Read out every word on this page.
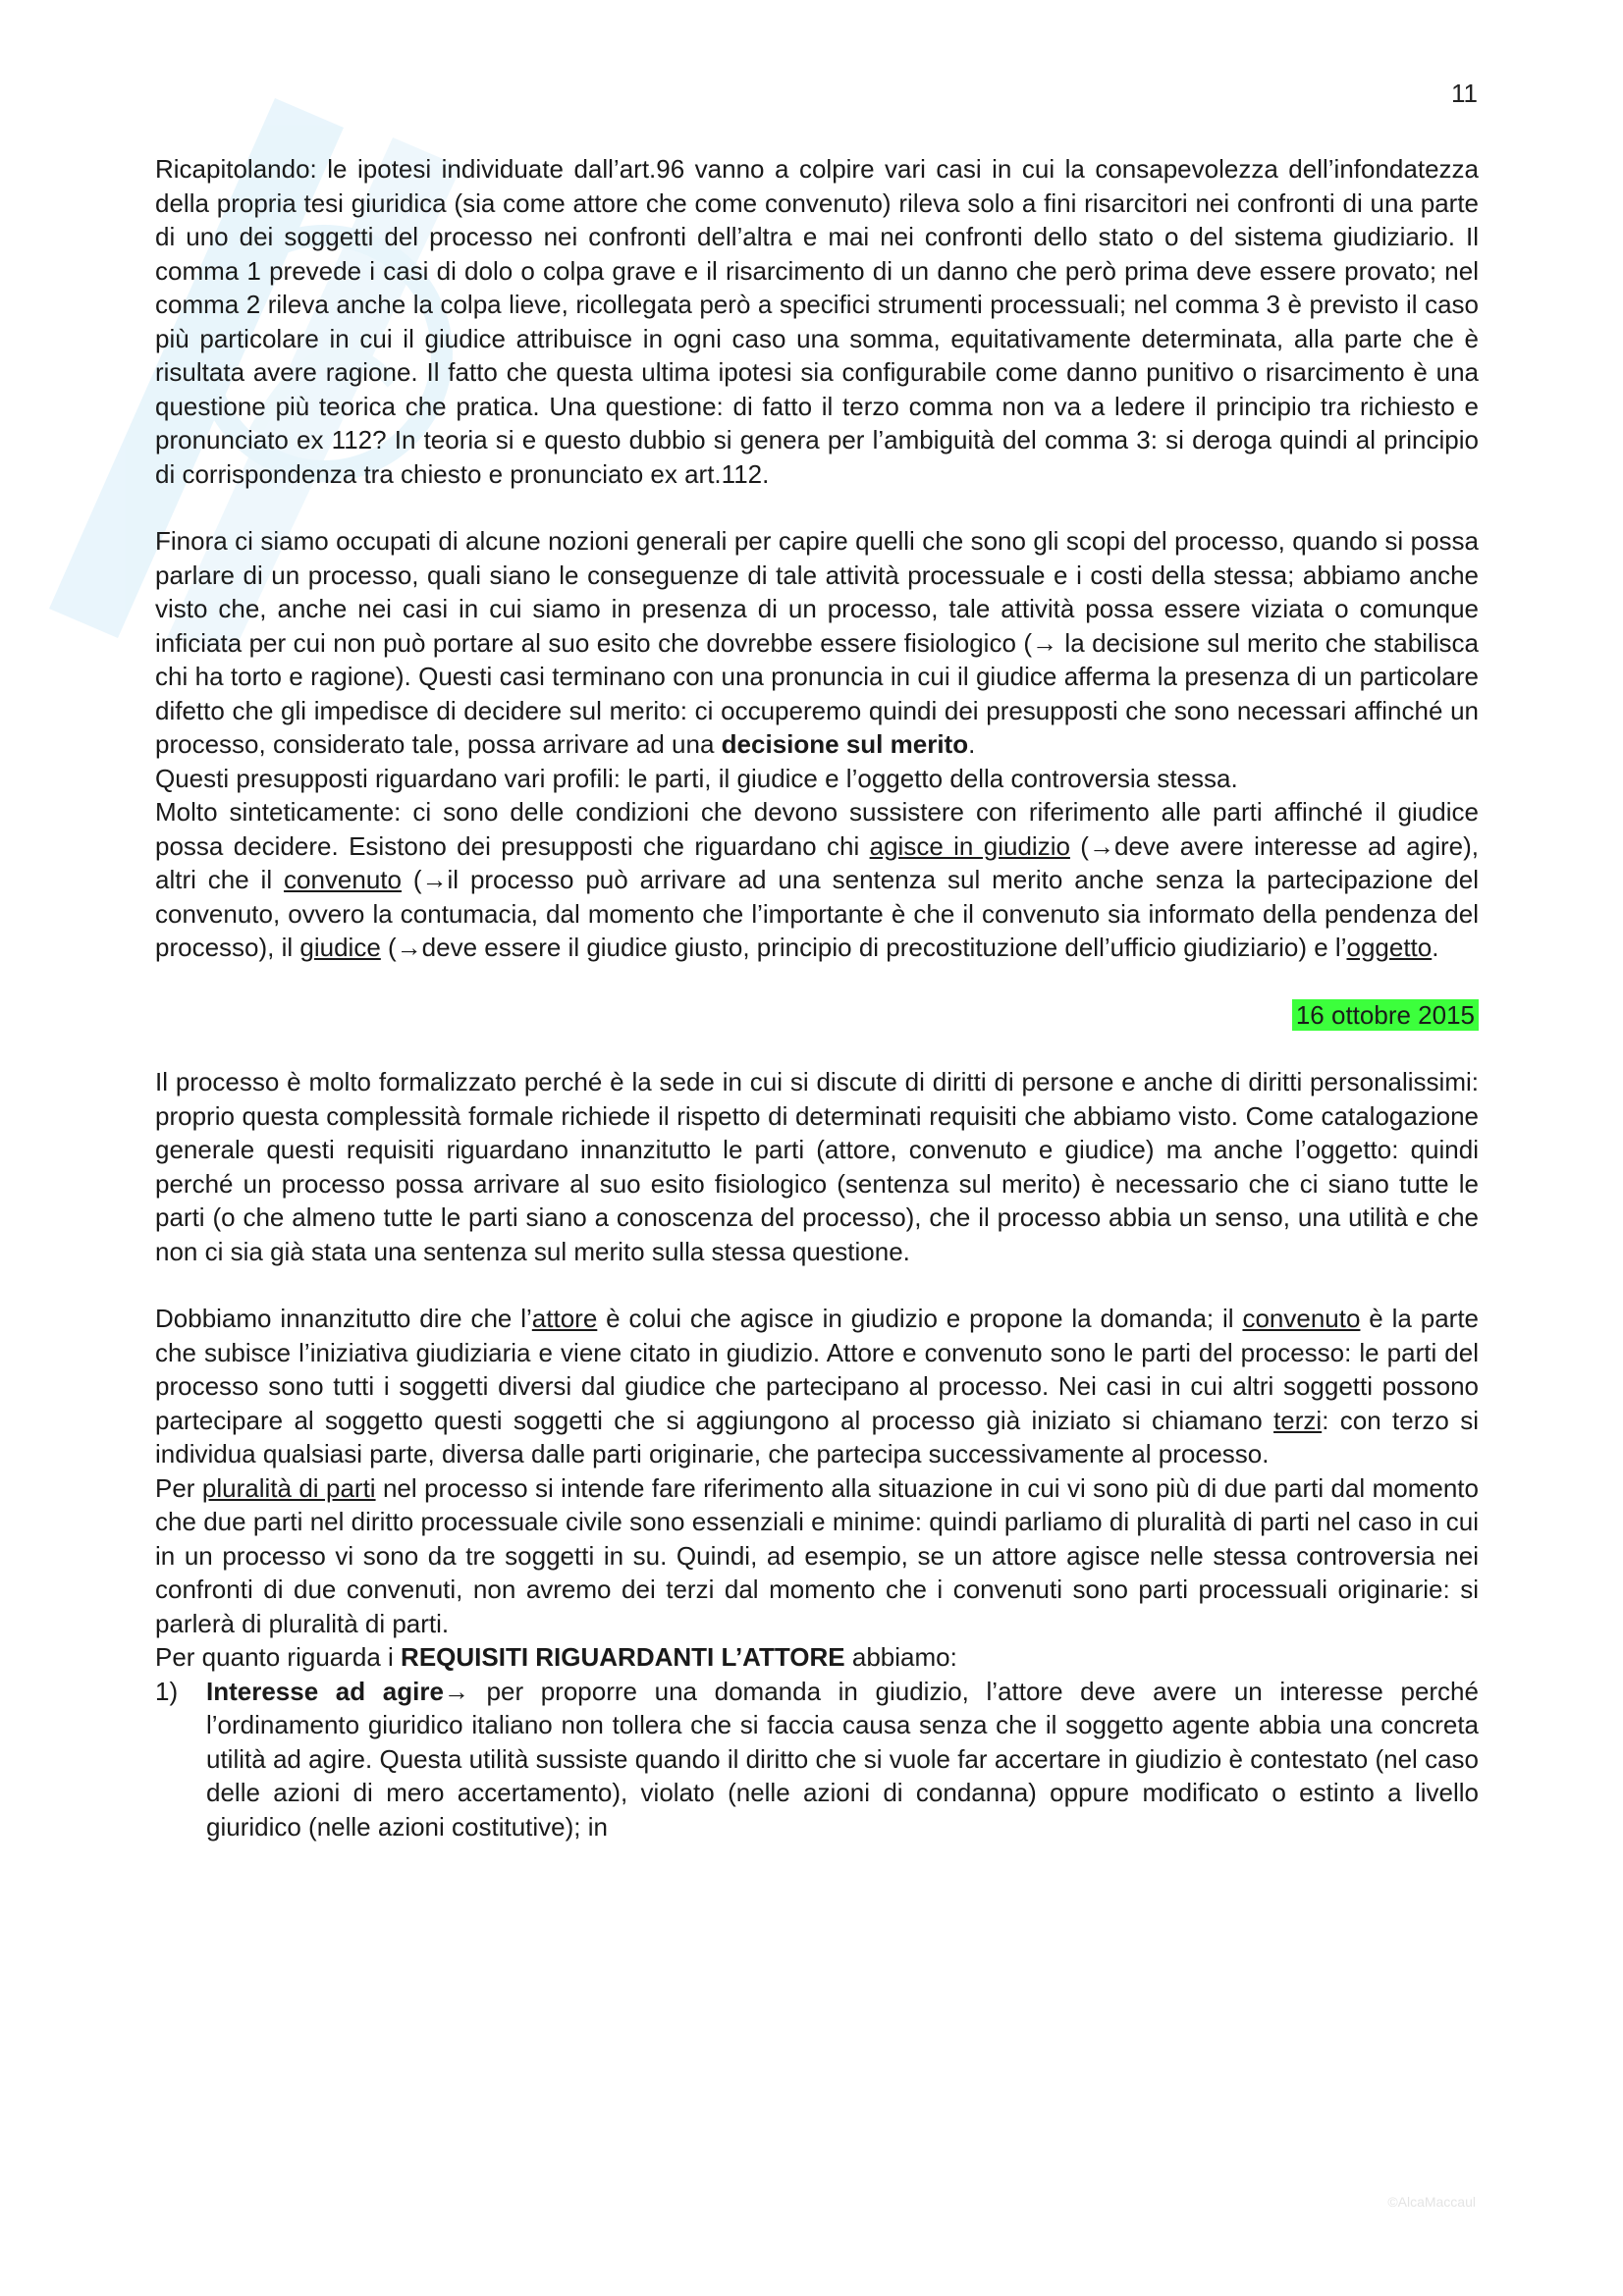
11

Ricapitolando: le ipotesi individuate dall’art.96 vanno a colpire vari casi in cui la consapevolezza dell’infondatezza della propria tesi giuridica (sia come attore che come convenuto) rileva solo a fini risarcitori nei confronti di una parte di uno dei soggetti del processo nei confronti dell’altra e mai nei confronti dello stato o del sistema giudiziario. Il comma 1 prevede i casi di dolo o colpa grave e il risarcimento di un danno che però prima deve essere provato; nel comma 2 rileva anche la colpa lieve, ricollegata però a specifici strumenti processuali; nel comma 3 è previsto il caso più particolare in cui il giudice attribuisce in ogni caso una somma, equitativamente determinata, alla parte che è risultata avere ragione. Il fatto che questa ultima ipotesi sia configurabile come danno punitivo o risarcimento è una questione più teorica che pratica. Una questione: di fatto il terzo comma non va a ledere il principio tra richiesto e pronunciato ex 112? In teoria si e questo dubbio si genera per l’ambiguità del comma 3: si deroga quindi al principio di corrispondenza tra chiesto e pronunciato ex art.112.

Finora ci siamo occupati di alcune nozioni generali per capire quelli che sono gli scopi del processo, quando si possa parlare di un processo, quali siano le conseguenze di tale attività processuale e i costi della stessa; abbiamo anche visto che, anche nei casi in cui siamo in presenza di un processo, tale attività possa essere viziata o comunque inficiata per cui non può portare al suo esito che dovrebbe essere fisiologico (→ la decisione sul merito che stabilisca chi ha torto e ragione). Questi casi terminano con una pronuncia in cui il giudice afferma la presenza di un particolare difetto che gli impedisce di decidere sul merito: ci occuperemo quindi dei presupposti che sono necessari affinché un processo, considerato tale, possa arrivare ad una decisione sul merito.

Questi presupposti riguardano vari profili: le parti, il giudice e l’oggetto della controversia stessa.

Molto sinteticamente: ci sono delle condizioni che devono sussistere con riferimento alle parti affinché il giudice possa decidere. Esistono dei presupposti che riguardano chi agisce in giudizio (→deve avere interesse ad agire), altri che il convenuto (→il processo può arrivare ad una sentenza sul merito anche senza la partecipazione del convenuto, ovvero la contumacia, dal momento che l’importante è che il convenuto sia informato della pendenza del processo), il giudice (→deve essere il giudice giusto, principio di precostituzione dell’ufficio giudiziario) e l’oggetto.

16 ottobre 2015

Il processo è molto formalizzato perché è la sede in cui si discute di diritti di persone e anche di diritti personalissimi: proprio questa complessità formale richiede il rispetto di determinati requisiti che abbiamo visto. Come catalogazione generale questi requisiti riguardano innanzitutto le parti (attore, convenuto e giudice) ma anche l’oggetto: quindi perché un processo possa arrivare al suo esito fisiologico (sentenza sul merito) è necessario che ci siano tutte le parti (o che almeno tutte le parti siano a conoscenza del processo), che il processo abbia un senso, una utilità e che non ci sia già stata una sentenza sul merito sulla stessa questione.

Dobbiamo innanzitutto dire che l’attore è colui che agisce in giudizio e propone la domanda; il convenuto è la parte che subisce l’iniziativa giudiziaria e viene citato in giudizio. Attore e convenuto sono le parti del processo: le parti del processo sono tutti i soggetti diversi dal giudice che partecipano al processo. Nei casi in cui altri soggetti possono partecipare al soggetto questi soggetti che si aggiungono al processo già iniziato si chiamano terzi: con terzo si individua qualsiasi parte, diversa dalle parti originarie, che partecipa successivamente al processo.

Per pluralità di parti nel processo si intende fare riferimento alla situazione in cui vi sono più di due parti dal momento che due parti nel diritto processuale civile sono essenziali e minime: quindi parliamo di pluralità di parti nel caso in cui in un processo vi sono da tre soggetti in su. Quindi, ad esempio, se un attore agisce nelle stessa controversia nei confronti di due convenuti, non avremo dei terzi dal momento che i convenuti sono parti processuali originarie: si parlerà di pluralità di parti.

Per quanto riguarda i REQUISITI RIGUARDANTI L’ATTORE abbiamo:

1) Interesse ad agire→ per proporre una domanda in giudizio, l’attore deve avere un interesse perché l’ordinamento giuridico italiano non tollera che si faccia causa senza che il soggetto agente abbia una concreta utilità ad agire. Questa utilità sussiste quando il diritto che si vuole far accertare in giudizio è contestato (nel caso delle azioni di mero accertamento), violato (nelle azioni di condanna) oppure modificato o estinto a livello giuridico (nelle azioni costitutive); in
©AlcaMaccaul
